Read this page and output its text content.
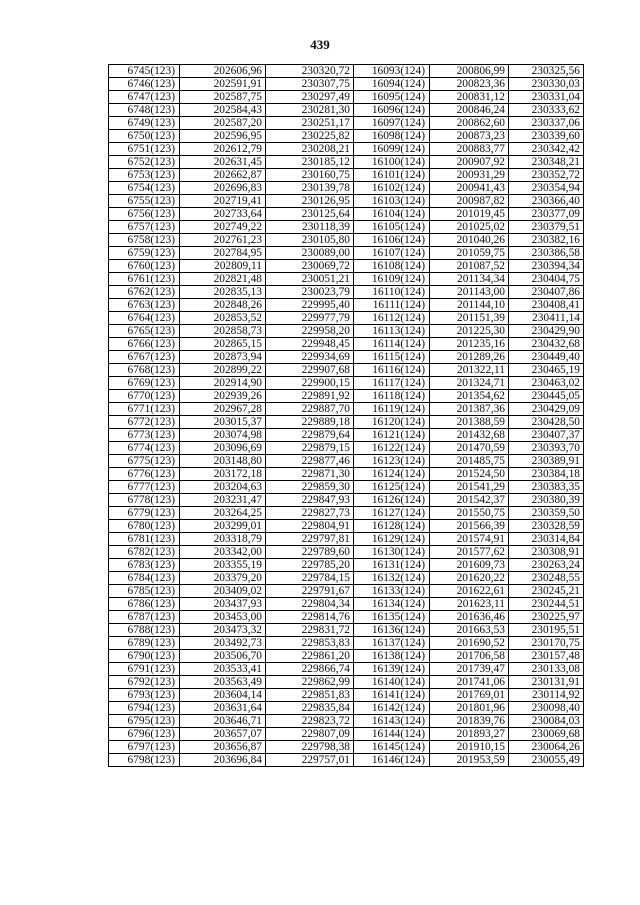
439
6745(123)	202606,96	230320,72	16093(124)	200806,99	230325,56
6746(123)	202591,91	230307,75	16094(124)	200823,36	230330,03
6747(123)	202587,75	230297,49	16095(124)	200831,12	230331,04
6748(123)	202584,43	230281,30	16096(124)	200846,24	230333,62
6749(123)	202587,20	230251,17	16097(124)	200862,60	230337,06
6750(123)	202596,95	230225,82	16098(124)	200873,23	230339,60
6751(123)	202612,79	230208,21	16099(124)	200883,77	230342,42
6752(123)	202631,45	230185,12	16100(124)	200907,92	230348,21
6753(123)	202662,87	230160,75	16101(124)	200931,29	230352,72
6754(123)	202696,83	230139,78	16102(124)	200941,43	230354,94
6755(123)	202719,41	230126,95	16103(124)	200987,82	230366,40
6756(123)	202733,64	230125,64	16104(124)	201019,45	230377,09
6757(123)	202749,22	230118,39	16105(124)	201025,02	230379,51
6758(123)	202761,23	230105,80	16106(124)	201040,26	230382,16
6759(123)	202784,95	230089,00	16107(124)	201059,75	230386,58
6760(123)	202809,11	230069,72	16108(124)	201087,52	230394,34
6761(123)	202821,48	230051,21	16109(124)	201134,34	230404,75
6762(123)	202835,13	230023,79	16110(124)	201143,00	230407,86
6763(123)	202848,26	229995,40	16111(124)	201144,10	230408,41
6764(123)	202853,52	229977,79	16112(124)	201151,39	230411,14
6765(123)	202858,73	229958,20	16113(124)	201225,30	230429,90
6766(123)	202865,15	229948,45	16114(124)	201235,16	230432,68
6767(123)	202873,94	229934,69	16115(124)	201289,26	230449,40
6768(123)	202899,22	229907,68	16116(124)	201322,11	230465,19
6769(123)	202914,90	229900,15	16117(124)	201324,71	230463,02
6770(123)	202939,26	229891,92	16118(124)	201354,62	230445,05
6771(123)	202967,28	229887,70	16119(124)	201387,36	230429,09
6772(123)	203015,37	229889,18	16120(124)	201388,59	230428,50
6773(123)	203074,98	229879,64	16121(124)	201432,68	230407,37
6774(123)	203096,69	229879,15	16122(124)	201470,59	230393,70
6775(123)	203148,80	229877,46	16123(124)	201485,75	230389,91
6776(123)	203172,18	229871,30	16124(124)	201524,50	230384,18
6777(123)	203204,63	229859,30	16125(124)	201541,29	230383,35
6778(123)	203231,47	229847,93	16126(124)	201542,37	230380,39
6779(123)	203264,25	229827,73	16127(124)	201550,75	230359,50
6780(123)	203299,01	229804,91	16128(124)	201566,39	230328,59
6781(123)	203318,79	229797,81	16129(124)	201574,91	230314,84
6782(123)	203342,00	229789,60	16130(124)	201577,62	230308,91
6783(123)	203355,19	229785,20	16131(124)	201609,73	230263,24
6784(123)	203379,20	229784,15	16132(124)	201620,22	230248,55
6785(123)	203409,02	229791,67	16133(124)	201622,61	230245,21
6786(123)	203437,93	229804,34	16134(124)	201623,11	230244,51
6787(123)	203453,00	229814,76	16135(124)	201636,46	230225,97
6788(123)	203473,32	229831,72	16136(124)	201663,53	230195,51
6789(123)	203492,73	229853,83	16137(124)	201690,52	230170,75
6790(123)	203506,70	229861,20	16138(124)	201706,58	230157,48
6791(123)	203533,41	229866,74	16139(124)	201739,47	230133,08
6792(123)	203563,49	229862,99	16140(124)	201741,06	230131,91
6793(123)	203604,14	229851,83	16141(124)	201769,01	230114,92
6794(123)	203631,64	229835,84	16142(124)	201801,96	230098,40
6795(123)	203646,71	229823,72	16143(124)	201839,76	230084,03
6796(123)	203657,07	229807,09	16144(124)	201893,27	230069,68
6797(123)	203656,87	229798,38	16145(124)	201910,15	230064,26
6798(123)	203696,84	229757,01	16146(124)	201953,59	230055,49
